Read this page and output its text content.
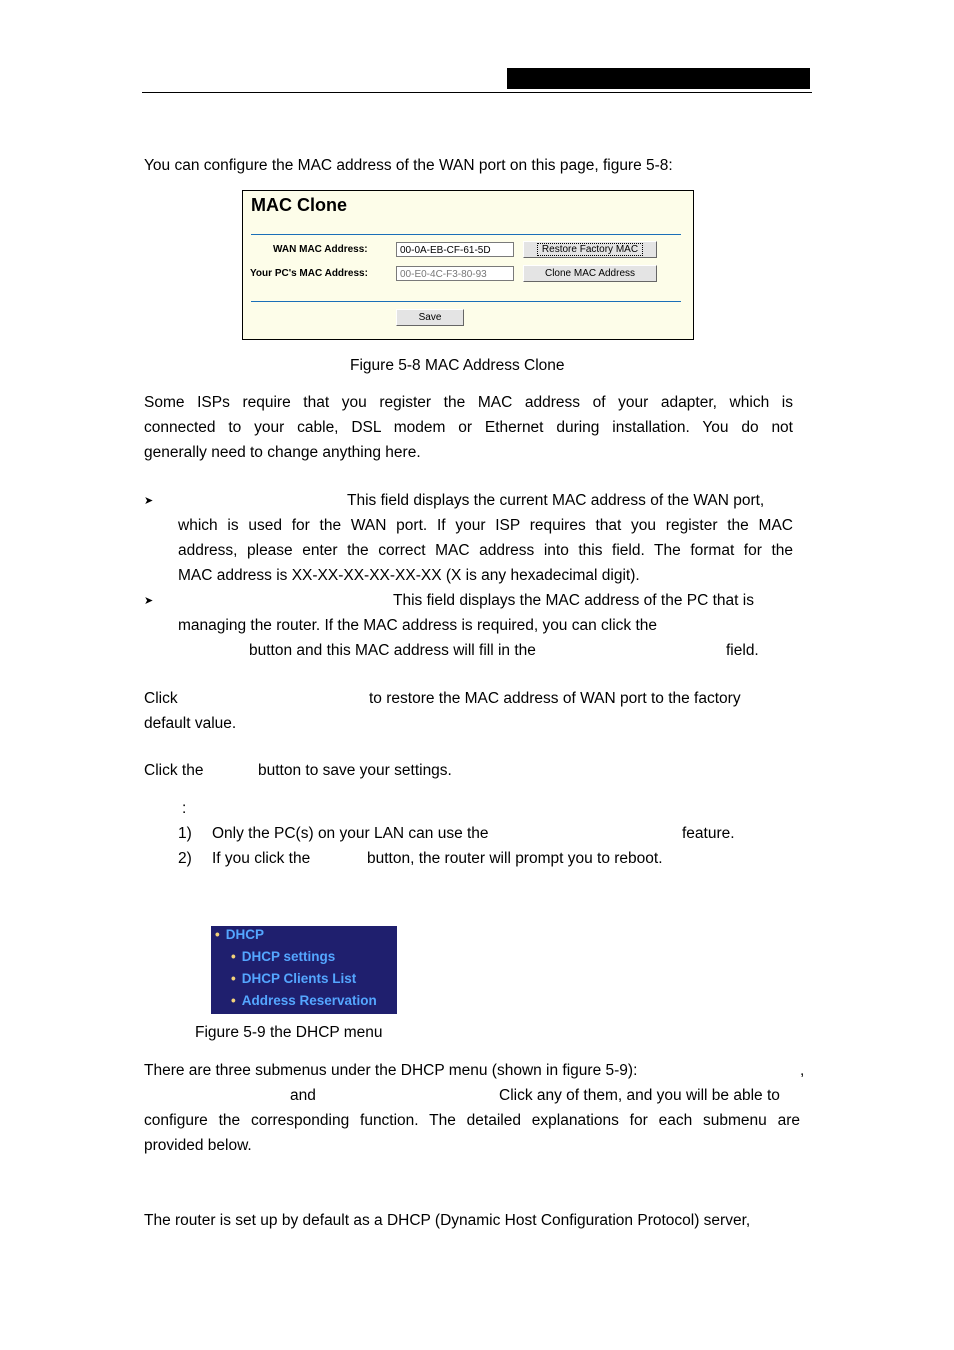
You can configure the MAC address of the WAN port on this page, figure 5-8:
MAC Clone
WAN MAC Address:	00-0A-EB-CF-61-5D	Restore Factory MAC
Your PC's MAC Address:	00-E0-4C-F3-80-93	Clone MAC Address
Save
Figure 5-8 MAC Address Clone
Some ISPs require that you register the MAC address of your adapter, which is
connected to your cable, DSL modem or Ethernet during installation. You do not
generally need to change anything here.
➤	This field displays the current MAC address of the WAN port,
which is used for the WAN port. If your ISP requires that you register the MAC
address, please enter the correct MAC address into this field. The format for the
MAC address is XX-XX-XX-XX-XX-XX (X is any hexadecimal digit).
➤	This field displays the MAC address of the PC that is
managing the router. If the MAC address is required, you can click the
button and this MAC address will fill in the	field.
Click	to restore the MAC address of WAN port to the factory
default value.
Click the	button to save your settings.
:
1) Only the PC(s) on your LAN can use the	feature.
2) If you click the	button, the router will prompt you to reboot.
• DHCP
• DHCP settings
• DHCP Clients List
• Address Reservation
Figure 5-9 the DHCP menu
There are three submenus under the DHCP menu (shown in figure 5-9):	,
and	Click any of them, and you will be able to
configure the corresponding function. The detailed explanations for each submenu are
provided below.
The router is set up by default as a DHCP (Dynamic Host Configuration Protocol) server,
